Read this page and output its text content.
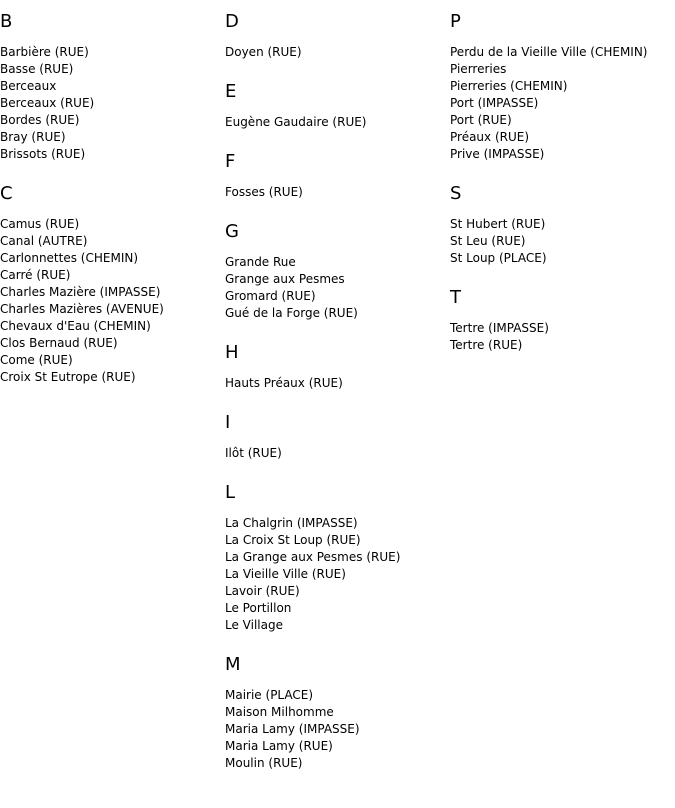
B
Barbière (RUE)
Basse (RUE)
Berceaux
Berceaux (RUE)
Bordes (RUE)
Bray (RUE)
Brissots (RUE)
C
Camus (RUE)
Canal (AUTRE)
Carlonnettes (CHEMIN)
Carré (RUE)
Charles Mazière (IMPASSE)
Charles Mazières (AVENUE)
Chevaux d'Eau (CHEMIN)
Clos Bernaud (RUE)
Come (RUE)
Croix St Eutrope (RUE)
D
Doyen (RUE)
E
Eugène Gaudaire (RUE)
F
Fosses (RUE)
G
Grande Rue
Grange aux Pesmes
Gromard (RUE)
Gué de la Forge (RUE)
H
Hauts Préaux (RUE)
I
Ilôt (RUE)
L
La Chalgrin (IMPASSE)
La Croix St Loup (RUE)
La Grange aux Pesmes (RUE)
La Vieille Ville (RUE)
Lavoir (RUE)
Le Portillon
Le Village
M
Mairie (PLACE)
Maison Milhomme
Maria Lamy (IMPASSE)
Maria Lamy (RUE)
Moulin (RUE)
P
Perdu de la Vieille Ville (CHEMIN)
Pierreries
Pierreries (CHEMIN)
Port (IMPASSE)
Port (RUE)
Préaux (RUE)
Prive (IMPASSE)
S
St Hubert (RUE)
St Leu (RUE)
St Loup (PLACE)
T
Tertre (IMPASSE)
Tertre (RUE)
